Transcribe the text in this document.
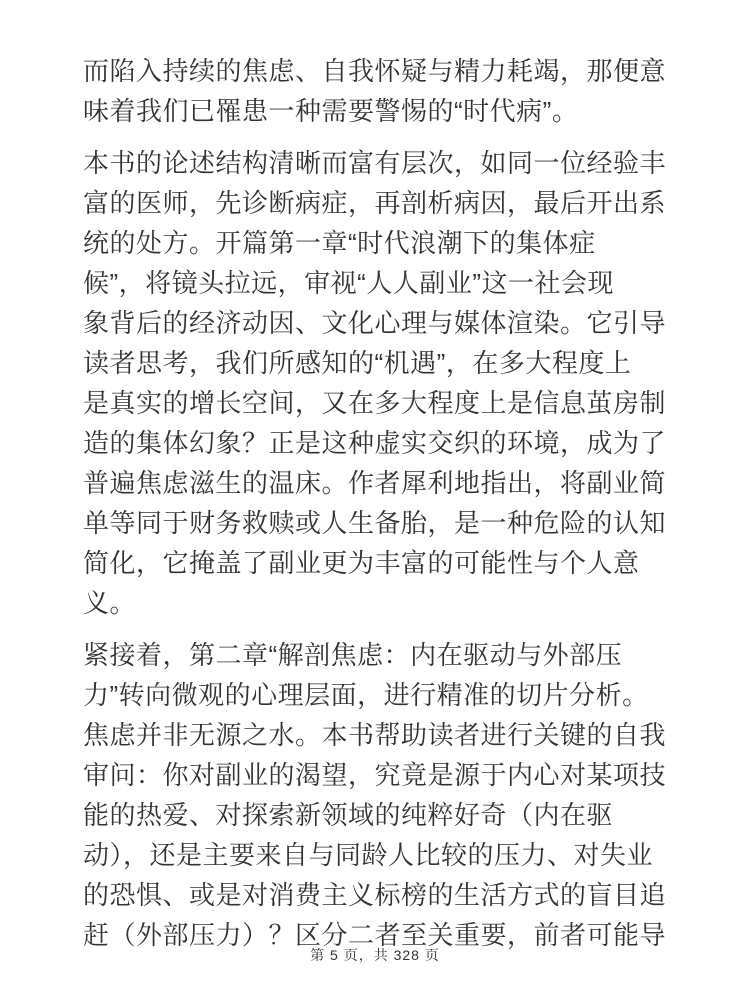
而陷入持续的焦虑、自我怀疑与精力耗竭，那便意
味着我们已罹患一种需要警惕的“时代病”。
本书的论述结构清晰而富有层次，如同一位经验丰
富的医师，先诊断病症，再剖析病因，最后开出系
统的处方。开篇第一章“时代浪潮下的集体症
候”，将镜头拉远，审视“人人副业”这一社会现
象背后的经济动因、文化心理与媒体渲染。它引导
读者思考，我们所感知的“机遇”，在多大程度上
是真实的增长空间，又在多大程度上是信息茧房制
造的集体幻象？正是这种虚实交织的环境，成为了
普遍焦虑滋生的温床。作者犀利地指出，将副业简
单等同于财务救赎或人生备胎，是一种危险的认知
简化，它掩盖了副业更为丰富的可能性与个人意
义。
紧接着，第二章“解剖焦虑：内在驱动与外部压
力”转向微观的心理层面，进行精准的切片分析。
焦虑并非无源之水。本书帮助读者进行关键的自我
审问：你对副业的渴望，究竟是源于内心对某项技
能的热爱、对探索新领域的纯粹好奇（内在驱
动），还是主要来自与同龄人比较的压力、对失业
的恐惧、或是对消费主义标榜的生活方式的盲目追
赶（外部压力）？区分二者至关重要，前者可能导
第 5 页，共 328 页
